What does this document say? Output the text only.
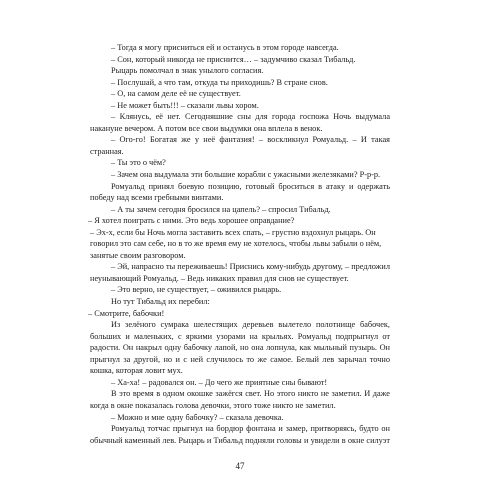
– Тогда я могу присниться ей и останусь в этом городе навсегда.
– Сон, который никогда не приснится… – задумчиво сказал Тибальд.
Рыцарь помолчал в знак унылого согласия.
– Послушай, а что там, откуда ты приходишь? В стране снов.
– О, на самом деле её не существует.
– Не может быть!!! – сказали львы хором.
– Клянусь, её нет. Сегодняшние сны для города госпожа Ночь выдумала
накануне вечером. А потом все свои выдумки она вплела в венок.
– Ого-го! Богатая же у неё фантазия! – воскликнул Ромуальд. – И такая
странная.
– Ты это о чём?
– Зачем она выдумала эти большие корабли с ужасными железяками? Р-р-р.
Ромуальд принял боевую позицию, готовый броситься в атаку и одержать
победу над всеми гребными винтами.
– А ты зачем сегодня бросился на цапель? – спросил Тибальд.
– Я хотел поиграть с ними. Это ведь хорошее оправдание?
– Эх-х, если бы Ночь могла заставить всех спать, – грустно вздохнул рыцарь. Он
говорил это сам себе, но в то же время ему не хотелось, чтобы львы забыли о нём,
занятые своим разговором.
– Эй, напрасно ты переживаешь! Приснись кому-нибудь другому, – предложил
неунывающий Ромуальд. – Ведь никаких правил для снов не существует.
– Это верно, не существует, – оживился рыцарь.
Но тут Тибальд их перебил:
– Смотрите, бабочки!
Из зелёного сумрака шелестящих деревьев вылетело полотнище бабочек,
больших и маленьких, с яркими узорами на крыльях. Ромуальд подпрыгнул от
радости. Он накрыл одну бабочку лапой, но она лопнула, как мыльный пузырь. Он
прыгнул за другой, но и с ней случилось то же самое. Белый лев зарычал точно
кошка, которая ловит мух.
– Ха-ха! – радовался он. – До чего же приятные сны бывают!
В это время в одном окошке зажёгся свет. Но этого никто не заметил. И даже
когда в окне показалась голова девочки, этого тоже никто не заметил.
– Можно и мне одну бабочку? – сказала девочка.
Ромуальд тотчас прыгнул на бордюр фонтана и замер, притворяясь, будто он
обычный каменный лев. Рыцарь и Тибальд подняли головы и увидели в окне силуэт
47
